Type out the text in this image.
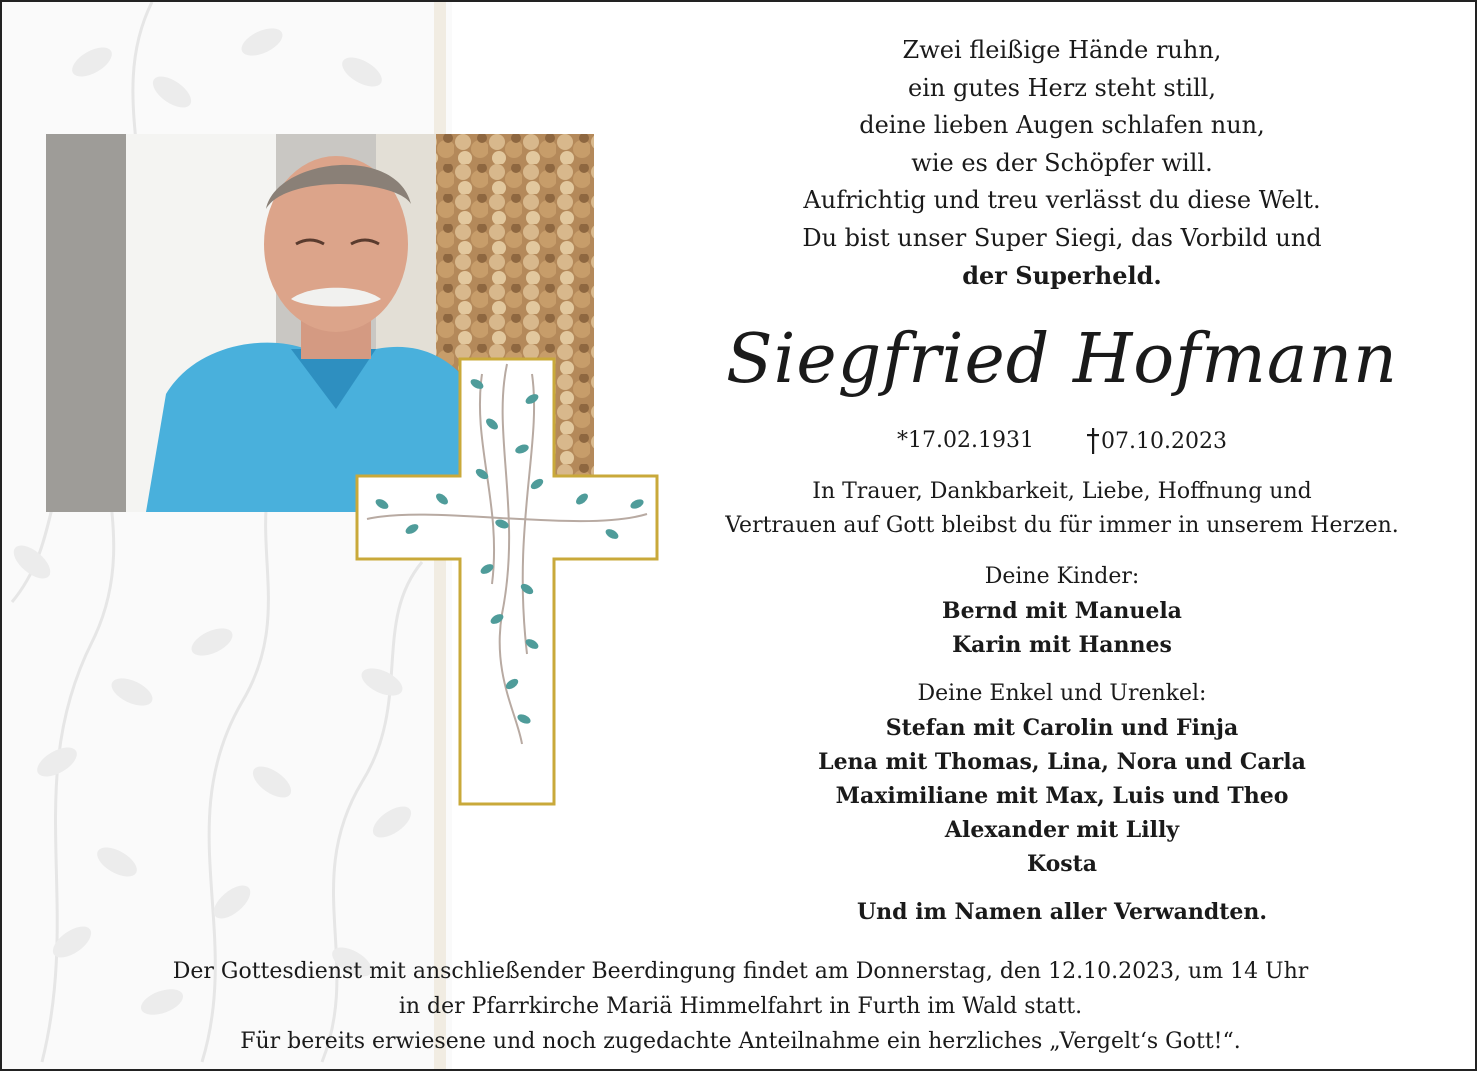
Zwei fleißige Hände ruhn,
ein gutes Herz steht still,
deine lieben Augen schlafen nun,
wie es der Schöpfer will.
Aufrichtig und treu verlässt du diese Welt.
Du bist unser Super Siegi, das Vorbild und
der Superheld.
Siegfried Hofmann
*17.02.1931	07.10.2023
In Trauer, Dankbarkeit, Liebe, Hoffnung und
Vertrauen auf Gott bleibst du für immer in unserem Herzen.
Deine Kinder:
Bernd mit Manuela
Karin mit Hannes
Deine Enkel und Urenkel:
Stefan mit Carolin und Finja
Lena mit Thomas, Lina, Nora und Carla
Maximiliane mit Max, Luis und Theo
Alexander mit Lilly
Kosta
Und im Namen aller Verwandten.
Der Gottesdienst mit anschließender Beerdingung findet am Donnerstag, den 12.10.2023, um 14 Uhr
in der Pfarrkirche Mariä Himmelfahrt in Furth im Wald statt.
Für bereits erwiesene und noch zugedachte Anteilnahme ein herzliches „Vergelt‘s Gott!“.
